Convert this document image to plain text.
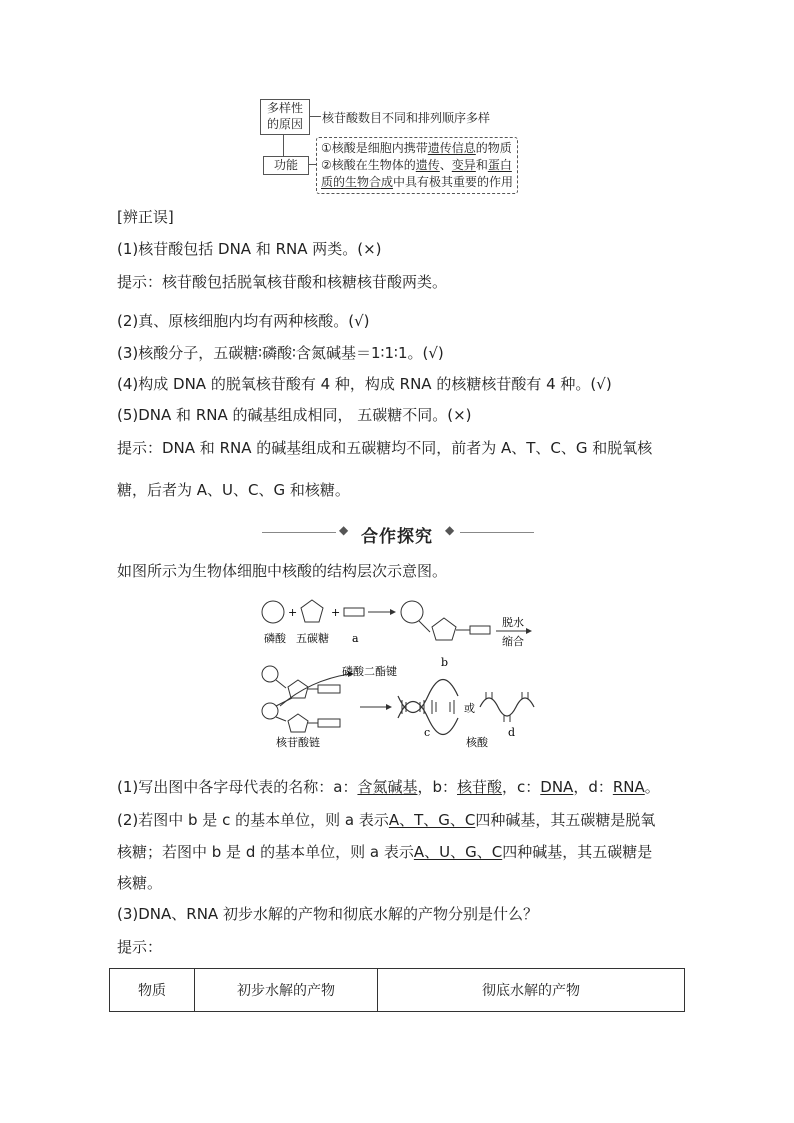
多样性
的原因	核苷酸数目不同和排列顺序多样
功能
①核酸是细胞内携带遗传信息的物质
②核酸在生物体的遗传、变异和蛋白
质的生物合成中具有极其重要的作用
[辨正误]
(1)核苷酸包括 DNA 和 RNA 两类。(×)
提示：核苷酸包括脱氧核苷酸和核糖核苷酸两类。
(2)真、原核细胞内均有两种核酸。(√)
(3)核酸分子，五碳糖∶磷酸∶含氮碱基＝1∶1∶1。(√)
(4)构成 DNA 的脱氧核苷酸有 4 种，构成 RNA 的核糖核苷酸有 4 种。(√)
(5)DNA 和 RNA 的碱基组成相同， 五碳糖不同。(×)
提示：DNA 和 RNA 的碱基组成和五碳糖均不同，前者为 A、T、C、G 和脱氧核
糖，后者为 A、U、C、G 和核糖。
◆ 合作探究	◆
如图所示为生物体细胞中核酸的结构层次示意图。
+	+
磷酸 五碳糖 a
b
脱水
缩合
磷酸二酯键
或
c	d
核苷酸链	核酸
(1)写出图中各字母代表的名称：a：含氮碱基，b：核苷酸，c：DNA，d：RNA。
(2)若图中 b 是 c 的基本单位，则 a 表示A、T、G、C四种碱基，其五碳糖是脱氧
核糖；若图中 b 是 d 的基本单位，则 a 表示A、U、G、C四种碱基，其五碳糖是
核糖。
(3)DNA、RNA 初步水解的产物和彻底水解的产物分别是什么？
提示：
物质	初步水解的产物	彻底水解的产物
